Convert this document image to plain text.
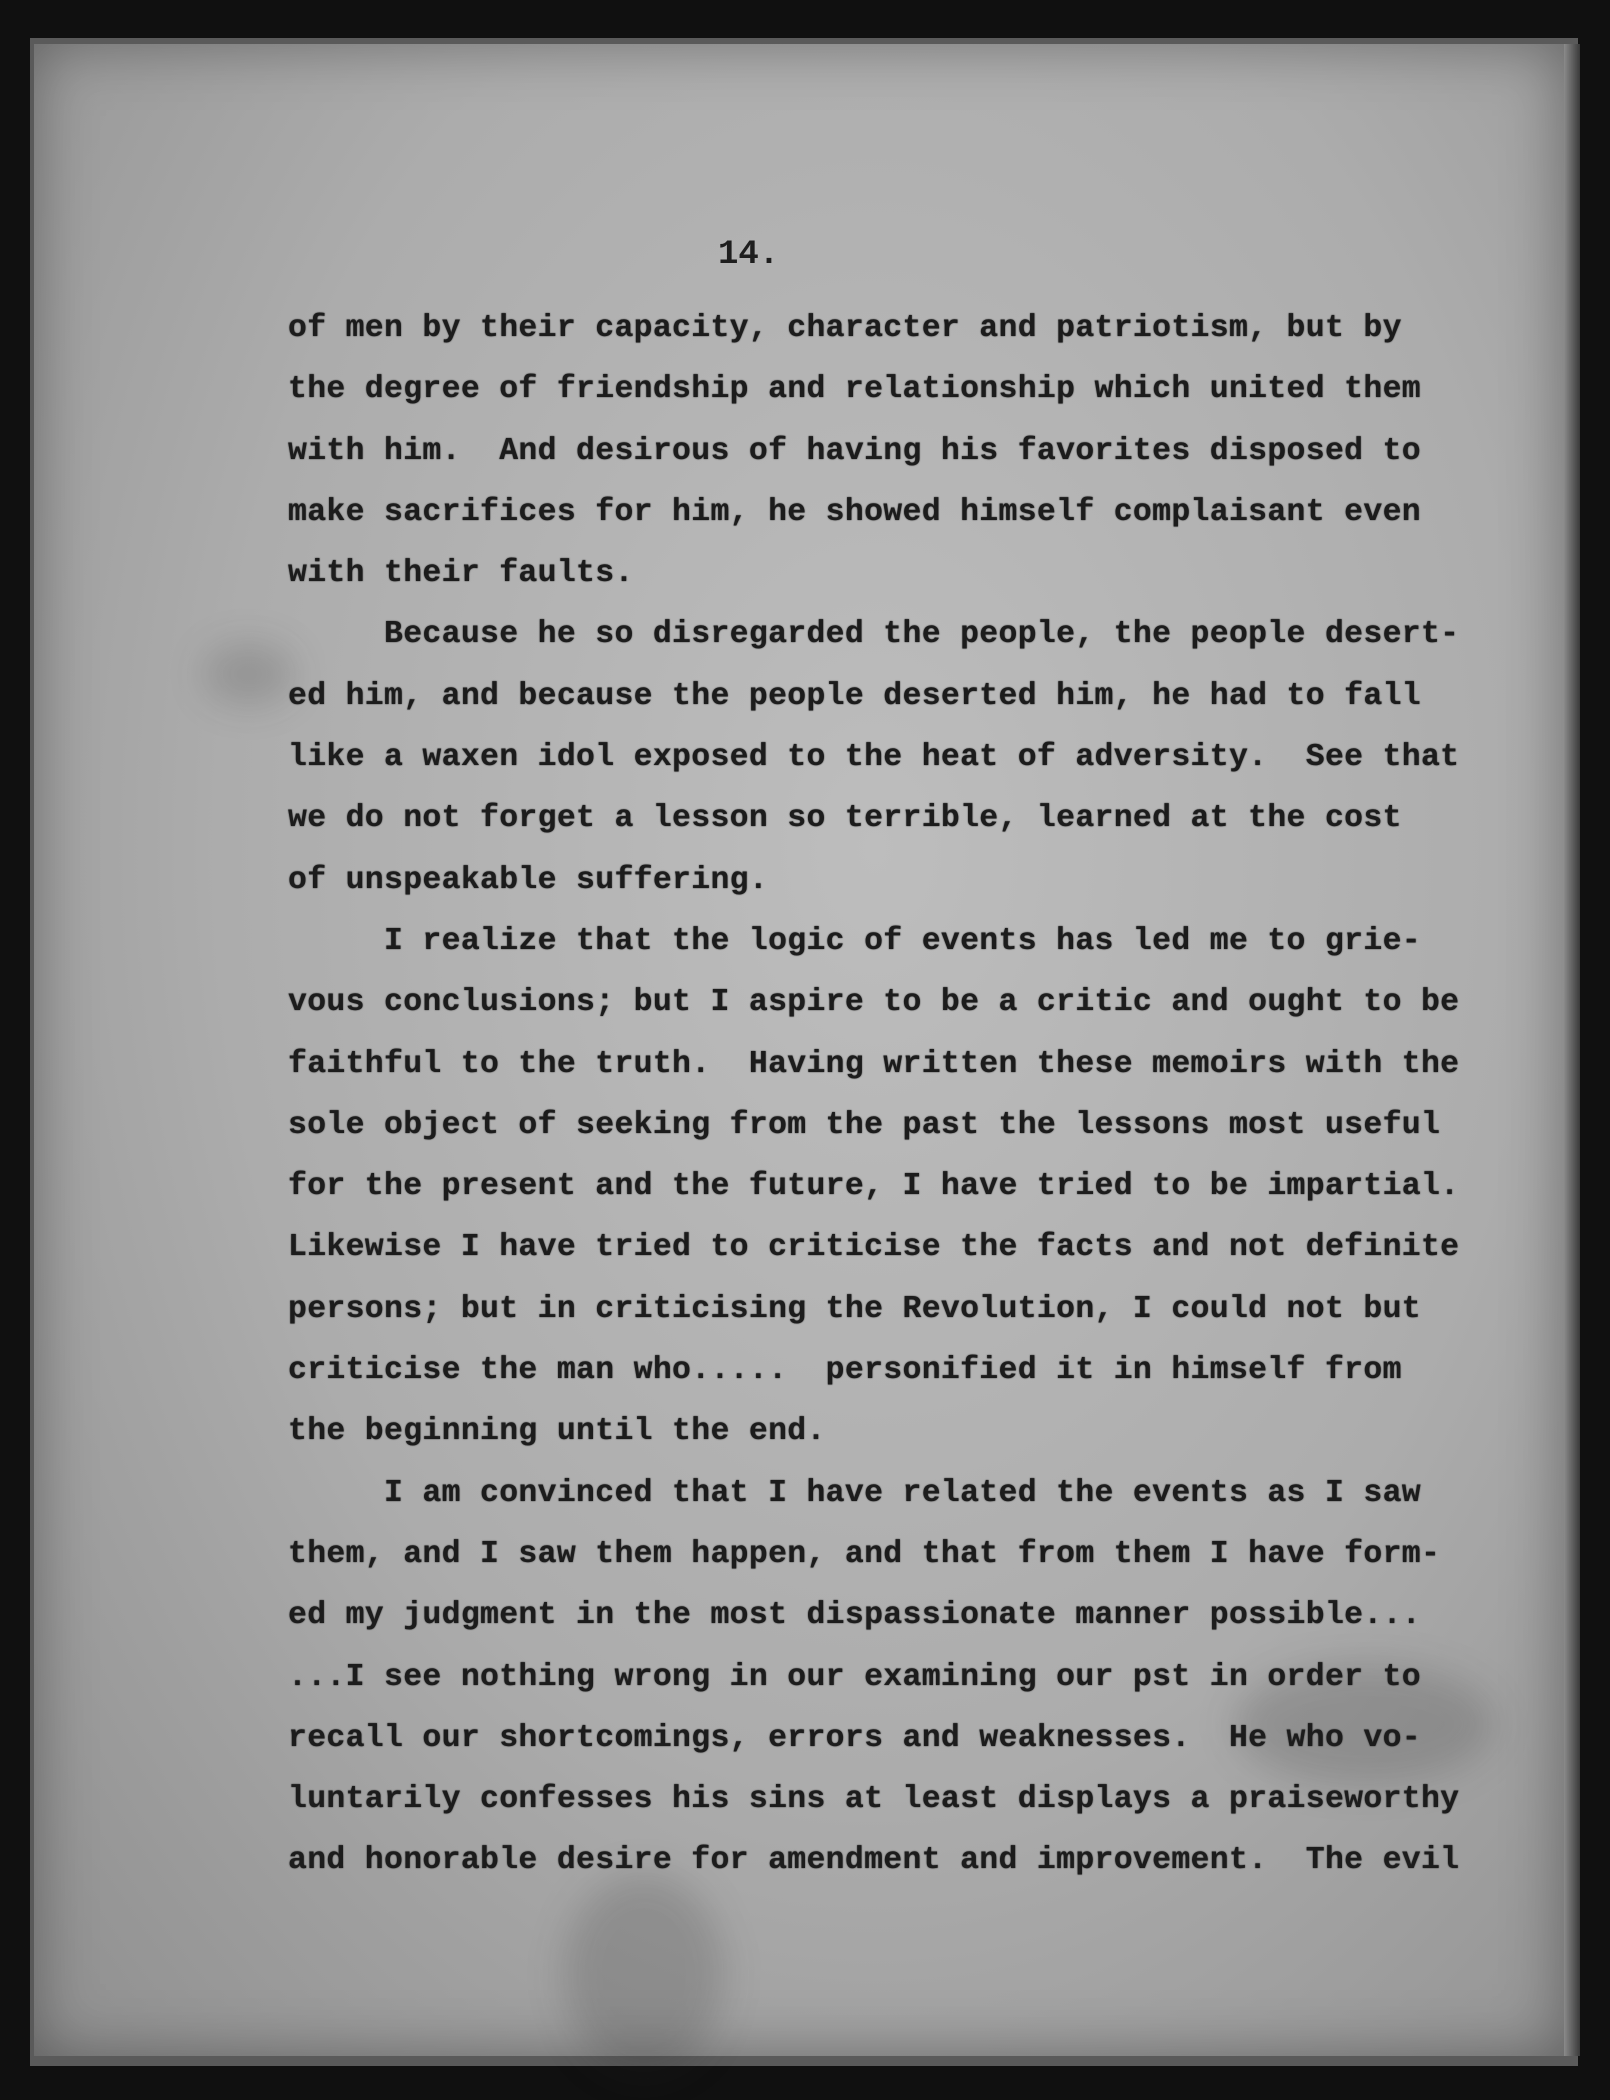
14.
of men by their capacity, character and patriotism, but by
the degree of friendship and relationship which united them
with him.  And desirous of having his favorites disposed to
make sacrifices for him, he showed himself complaisant even
with their faults.
Because he so disregarded the people, the people desert-
ed him, and because the people deserted him, he had to fall
like a waxen idol exposed to the heat of adversity.  See that
we do not forget a lesson so terrible, learned at the cost
of unspeakable suffering.
I realize that the logic of events has led me to grie-
vous conclusions; but I aspire to be a critic and ought to be
faithful to the truth.  Having written these memoirs with the
sole object of seeking from the past the lessons most useful
for the present and the future, I have tried to be impartial.
Likewise I have tried to criticise the facts and not definite
persons; but in criticising the Revolution, I could not but
criticise the man who.....  personified it in himself from
the beginning until the end.
I am convinced that I have related the events as I saw
them, and I saw them happen, and that from them I have form-
ed my judgment in the most dispassionate manner possible...
...I see nothing wrong in our examining our pst in order to
recall our shortcomings, errors and weaknesses.  He who vo-
luntarily confesses his sins at least displays a praiseworthy
and honorable desire for amendment and improvement.  The evil
